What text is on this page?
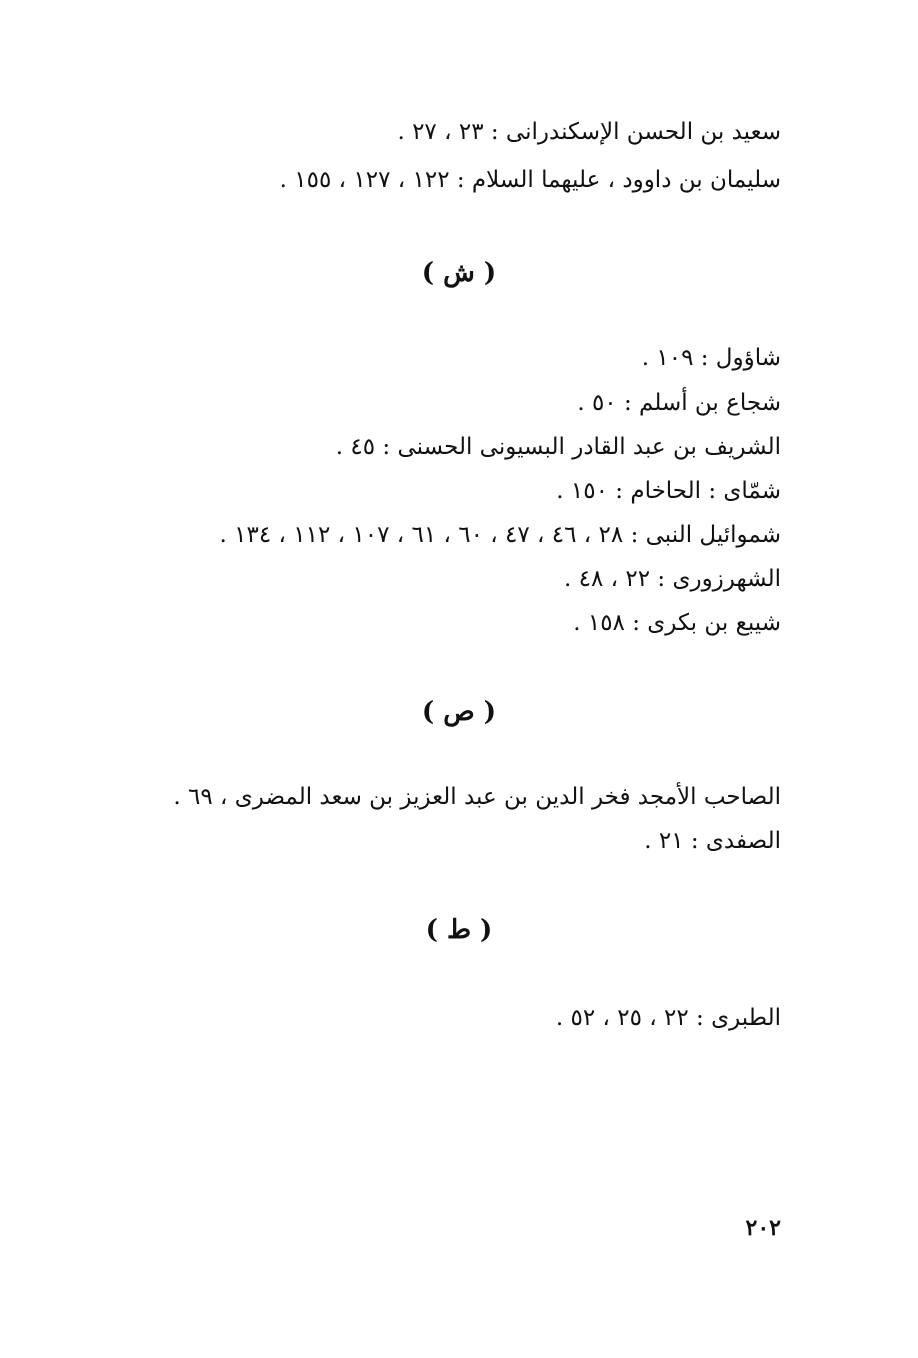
سعيد بن الحسن الإسكندرانى : ٢٣ ، ٢٧ .
سليمان بن داوود ، عليهما السلام : ١٢٢ ، ١٢٧ ، ١٥٥ .
( ش )
شاؤول : ١٠٩ .
شجاع بن أسلم : ٥٠ .
الشريف بن عبد القادر البسيونى الحسنى : ٤٥ .
شمّاى : الحاخام : ١٥٠ .
شموائيل النبى : ٢٨ ، ٤٦ ، ٤٧ ، ٦٠ ، ٦١ ، ١٠٧ ، ١١٢ ، ١٣٤ .
الشهرزورى : ٢٢ ، ٤٨ .
شيبع بن بكرى : ١٥٨ .
( ص )
الصاحب الأمجد فخر الدين بن عبد العزيز بن سعد المضرى ، ٦٩ .
الصفدى : ٢١ .
( ط )
الطبرى : ٢٢ ، ٢٥ ، ٥٢ .
٢٠٢
